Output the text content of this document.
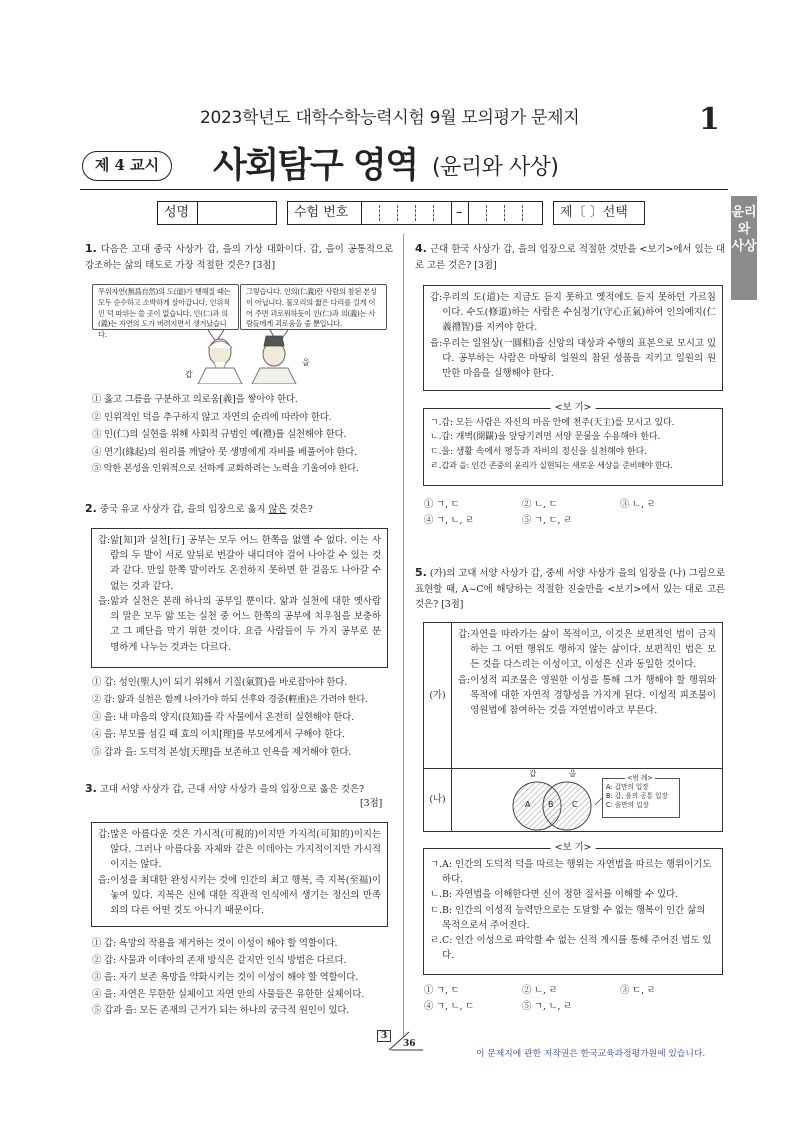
2023학년도 대학수학능력시험 9월 모의평가 문제지	1
제 4 교시	사회탐구 영역 (윤리와 사상)
성명	수험 번호	–	제〔 〕선택	윤리와 사상
1. 다음은 고대 중국 사상가 갑, 을의 가상 대화이다. 갑, 을이 공통적으로 강조하는 삶의 태도로 가장 적절한 것은? [3점]
무위자연(無爲自然)의 도(道)가 행해질 때는 모두 순수하고 소박하게 살아갑니다. 인위적인 덕 따위는 쓸 곳이 없습니다. 인(仁)과 의(義)는 자연의 도가 버려지면서 생겨났습니다.
그렇습니다. 인의(仁義)란 사람의 참된 본성이 아닙니다. 물오리의 짧은 다리를 길게 이어 주면 괴로워하듯이 인(仁)과 의(義)는 사람들에게 괴로움을 줄 뿐입니다.
갑
을
① 옳고 그름을 구분하고 의로움[義]을 쌓아야 한다.
② 인위적인 덕을 추구하지 않고 자연의 순리에 따라야 한다.
③ 인(仁)의 실현을 위해 사회적 규범인 예(禮)를 실천해야 한다.
④ 연기(緣起)의 원리를 깨달아 뭇 생명에게 자비를 베풀어야 한다.
⑤ 악한 본성을 인위적으로 선하게 교화하려는 노력을 기울여야 한다.
2. 중국 유교 사상가 갑, 을의 입장으로 옳지 않은 것은?
갑: 앎[知]과 실천[行] 공부는 모두 어느 한쪽을 없앨 수 없다. 이는 사람의 두 발이 서로 앞뒤로 번갈아 내디뎌야 걸어 나아갈 수 있는 것과 같다. 만일 한쪽 발이라도 온전하지 못하면 한 걸음도 나아갈 수 없는 것과 같다.
을: 앎과 실천은 본래 하나의 공부일 뿐이다. 앎과 실천에 대한 옛사람의 말은 모두 앎 또는 실천 중 어느 한쪽의 공부에 치우침을 보충하고 그 폐단을 막기 위한 것이다. 요즘 사람들이 두 가지 공부로 분명하게 나누는 것과는 다르다.
① 갑: 성인(聖人)이 되기 위해서 기질(氣質)을 바로잡아야 한다.
② 갑: 앎과 실천은 함께 나아가야 하되 선후와 경중(輕重)은 가려야 한다.
③ 을: 내 마음의 양지(良知)를 각 사물에서 온전히 실현해야 한다.
④ 을: 부모를 섬길 때 효의 이치[理]를 부모에게서 구해야 한다.
⑤ 갑과 을: 도덕적 본성[天理]을 보존하고 인욕을 제거해야 한다.
3. 고대 서양 사상가 갑, 근대 서양 사상가 을의 입장으로 옳은 것은?
[3점]
갑: 많은 아름다운 것은 가시적(可視的)이지만 가지적(可知的)이지는 않다. 그러나 아름다움 자체와 같은 이데아는 가지적이지만 가시적이지는 않다.
을: 이성을 최대한 완성시키는 것에 인간의 최고 행복, 즉 지복(至福)이 놓여 있다. 지복은 신에 대한 직관적 인식에서 생기는 정신의 만족 외의 다른 어떤 것도 아니기 때문이다.
① 갑: 욕망의 작용을 제거하는 것이 이성이 해야 할 역할이다.
② 갑: 사물과 이데아의 존재 방식은 같지만 인식 방법은 다르다.
③ 을: 자기 보존 욕망을 약화시키는 것이 이성이 해야 할 역할이다.
④ 을: 자연은 무한한 실체이고 자연 안의 사물들은 유한한 실체이다.
⑤ 갑과 을: 모든 존재의 근거가 되는 하나의 궁극적 원인이 있다.
4. 근대 한국 사상가 갑, 을의 입장으로 적절한 것만을 <보기>에서 있는 대로 고른 것은? [3점]
갑: 우리의 도(道)는 지금도 듣지 못하고 옛적에도 듣지 못하던 가르침이다. 수도(修道)하는 사람은 수심정기(守心正氣)하여 인의예지(仁義禮智)를 지켜야 한다.
을: 우리는 일원상(一圓相)을 신앙의 대상과 수행의 표본으로 모시고 있다. 공부하는 사람은 마땅히 일원의 참된 성품을 지키고 일원의 원만한 마음을 실행해야 한다.
<보 기>
ㄱ. 갑: 모든 사람은 자신의 마음 안에 천주(天主)를 모시고 있다.
ㄴ. 갑: 개벽(開闢)을 앞당기려면 서양 문물을 수용해야 한다.
ㄷ. 을: 생활 속에서 평등과 자비의 정신을 실천해야 한다.
ㄹ. 갑과 을: 인간 존중의 윤리가 실현되는 새로운 세상을 준비해야 한다.
① ㄱ, ㄷ	② ㄴ, ㄷ	③ ㄴ, ㄹ
④ ㄱ, ㄴ, ㄹ	⑤ ㄱ, ㄷ, ㄹ
5. (가)의 고대 서양 사상가 갑, 중세 서양 사상가 을의 입장을 (나) 그림으로 표현할 때, A~C에 해당하는 적절한 진술만을 <보기>에서 있는 대로 고른 것은? [3점]
(가)
갑: 자연을 따라가는 삶이 목적이고, 이것은 보편적인 법이 금지하는 그 어떤 행위도 행하지 않는 삶이다. 보편적인 법은 모든 것을 다스리는 이성이고, 이성은 신과 동일한 것이다.
을: 이성적 피조물은 영원한 이성을 통해 그가 행해야 할 행위와 목적에 대한 자연적 경향성을 가지게 된다. 이성적 피조물이 영원법에 참여하는 것을 자연법이라고 부른다.
(나)
갑	을
A B C
<범 례>
A: 갑만의 입장
B: 갑, 을의 공통 입장
C: 을만의 입장
<보 기>
ㄱ. A: 인간의 도덕적 덕을 따르는 행위는 자연법을 따르는 행위이기도 하다.
ㄴ. B: 자연법을 이해한다면 신이 정한 질서를 이해할 수 있다.
ㄷ. B: 인간의 이성적 능력만으로는 도달할 수 없는 행복이 인간 삶의 목적으로서 주어진다.
ㄹ. C: 인간 이성으로 파악할 수 없는 신적 계시를 통해 주어진 법도 있다.
① ㄱ, ㄷ	② ㄴ, ㄹ	③ ㄷ, ㄹ
④ ㄱ, ㄴ, ㄷ	⑤ ㄱ, ㄴ, ㄹ
3
36
이 문제지에 관한 저작권은 한국교육과정평가원에 있습니다.
